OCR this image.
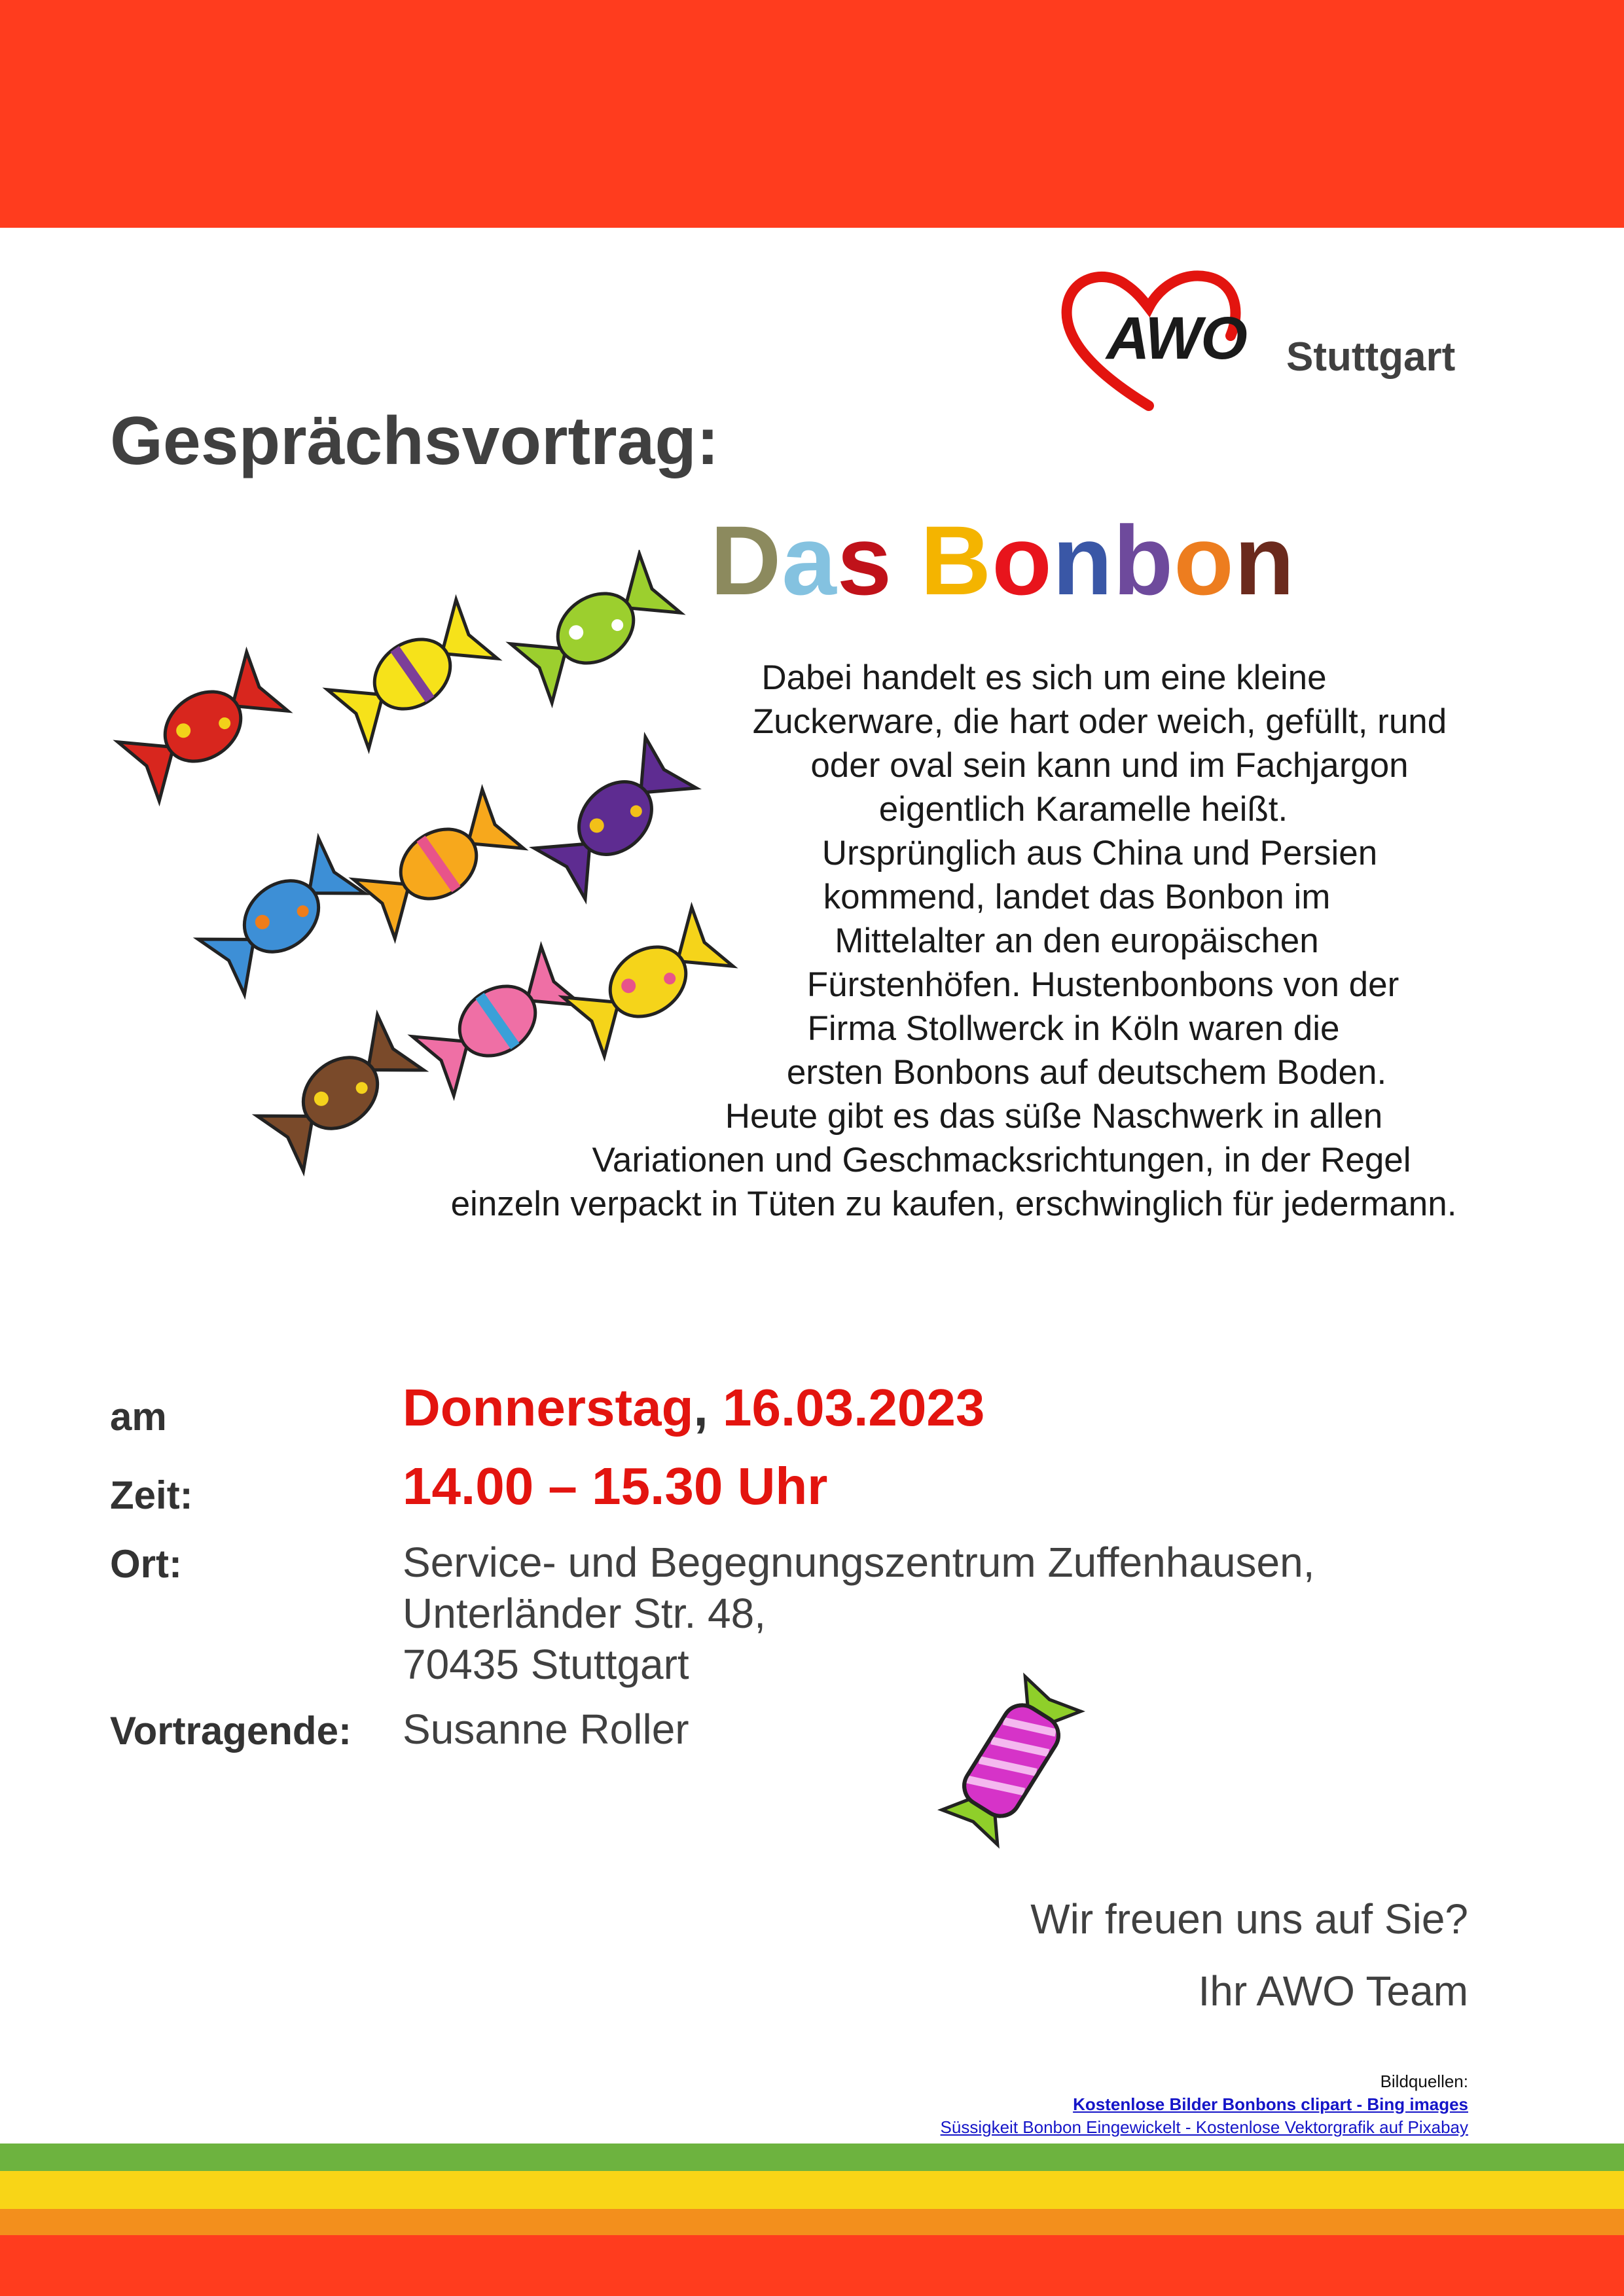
AWO Stuttgart
Gesprächsvortrag:
Das Bonbon
Dabei handelt es sich um eine kleine
Zuckerware, die hart oder weich, gefüllt, rund
oder oval sein kann und im Fachjargon
eigentlich Karamelle heißt.
Ursprünglich aus China und Persien
kommend, landet das Bonbon im
Mittelalter an den europäischen
Fürstenhöfen. Hustenbonbons von der
Firma Stollwerck in Köln waren die
ersten Bonbons auf deutschem Boden.
Heute gibt es das süße Naschwerk in allen
Variationen und Geschmacksrichtungen, in der Regel
einzeln verpackt in Tüten zu kaufen, erschwinglich für jedermann.
am	Donnerstag, 16.03.2023
Zeit:	14.00 – 15.30 Uhr
Ort:	Service- und Begegnungszentrum Zuffenhausen,
Unterländer Str. 48,
70435 Stuttgart
Vortragende: Susanne Roller
Wir freuen uns auf Sie?
Ihr AWO Team
Bildquellen:
Kostenlose Bilder Bonbons clipart - Bing images
Süssigkeit Bonbon Eingewickelt - Kostenlose Vektorgrafik auf Pixabay
